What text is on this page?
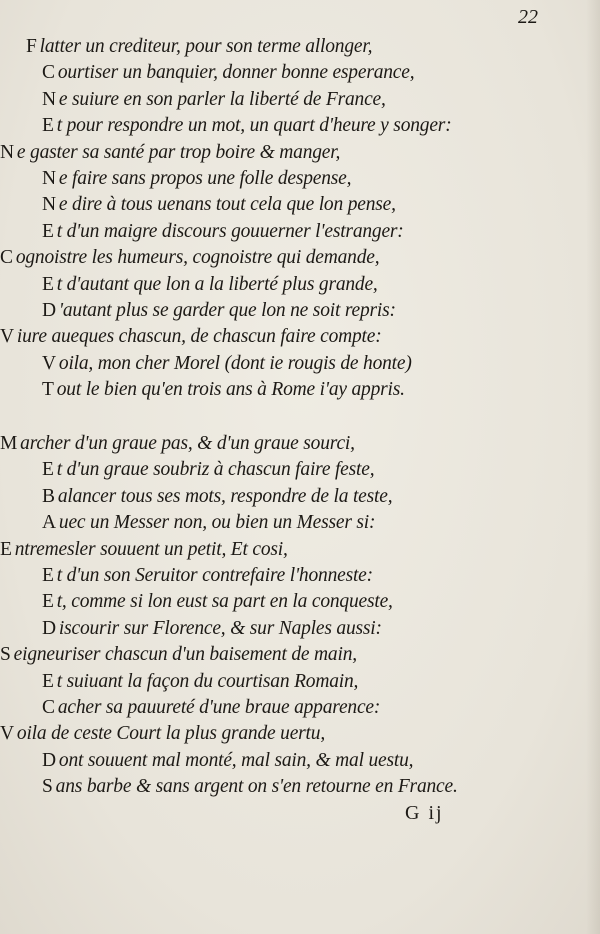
22
F latter un crediteur, pour son terme allonger,
C ourtiser un banquier, donner bonne esperance,
N e suiure en son parler la liberté de France,
E t pour respondre un mot, un quart d'heure y songer:
N e gaster sa santé par trop boire & manger,
N e faire sans propos une folle despense,
N e dire à tous uenans tout cela que lon pense,
E t d'un maigre discours gouuerner l'estranger:
C ognoistre les humeurs, cognoistre qui demande,
E t d'autant que lon a la liberté plus grande,
D 'autant plus se garder que lon ne soit repris:
V iure aueques chascun, de chascun faire compte:
V oila, mon cher Morel (dont ie rougis de honte)
T out le bien qu'en trois ans à Rome i'ay appris.
M archer d'un graue pas, & d'un graue sourci,
E t d'un graue soubriz à chascun faire feste,
B alancer tous ses mots, respondre de la teste,
A uec un Messer non, ou bien un Messer si:
E ntremesler souuent un petit, Et cosi,
E t d'un son Seruitor contrefaire l'honneste:
E t, comme si lon eust sa part en la conqueste,
D iscourir sur Florence, & sur Naples aussi:
S eigneuriser chascun d'un baisement de main,
E t suiuant la façon du courtisan Romain,
C acher sa pauureté d'une braue apparence:
V oila de ceste Court la plus grande uertu,
D ont souuent mal monté, mal sain, & mal uestu,
S ans barbe & sans argent on s'en retourne en France.
G ij
